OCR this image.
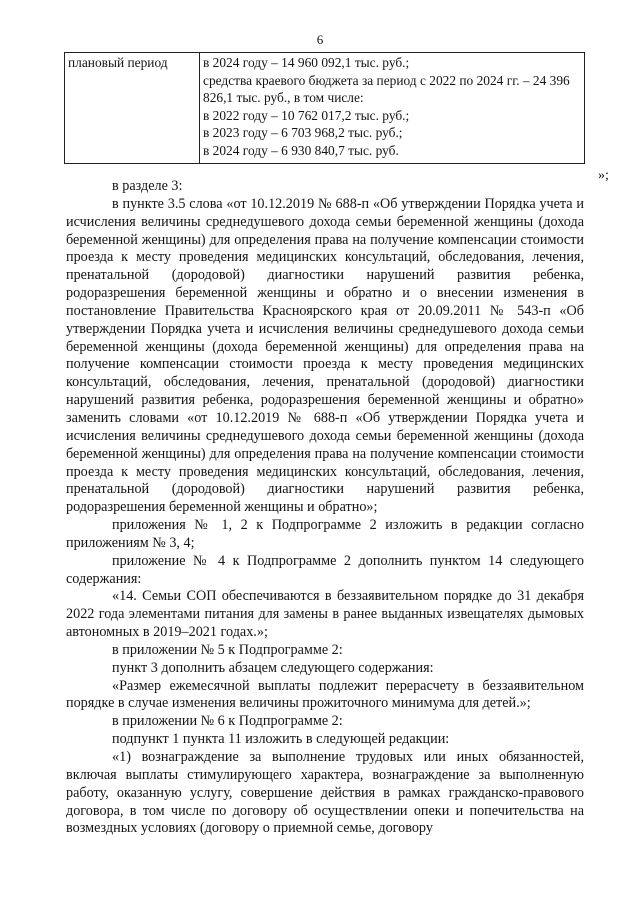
6
плановый период	в 2024 году – 14 960 092,1 тыс. руб.;
средства краевого бюджета за период с 2022 по 2024 гг. – 24 396 826,1 тыс. руб., в том числе:
в 2022 году – 10 762 017,2 тыс. руб.;
в 2023 году – 6 703 968,2 тыс. руб.;
в 2024 году – 6 930 840,7 тыс. руб.
»;

в разделе 3:

в пункте 3.5 слова «от 10.12.2019 № 688-п «Об утверждении Порядка учета и исчисления величины среднедушевого дохода семьи беременной женщины (дохода беременной женщины) для определения права на получение компенсации стоимости проезда к месту проведения медицинских консультаций, обследования, лечения, пренатальной (дородовой) диагностики нарушений развития ребенка, родоразрешения беременной женщины и обратно и о внесении изменения в постановление Правительства Красноярского края от 20.09.2011 № 543-п «Об утверждении Порядка учета и исчисления величины среднедушевого дохода семьи беременной женщины (дохода беременной женщины) для определения права на получение компенсации стоимости проезда к месту проведения медицинских консультаций, обследования, лечения, пренатальной (дородовой) диагностики нарушений развития ребенка, родоразрешения беременной женщины и обратно» заменить словами «от 10.12.2019 № 688-п «Об утверждении Порядка учета и исчисления величины среднедушевого дохода семьи беременной женщины (дохода беременной женщины) для определения права на получение компенсации стоимости проезда к месту проведения медицинских консультаций, обследования, лечения, пренатальной (дородовой) диагностики нарушений развития ребенка, родоразрешения беременной женщины и обратно»;

приложения № 1, 2 к Подпрограмме 2 изложить в редакции согласно приложениям № 3, 4;

приложение № 4 к Подпрограмме 2 дополнить пунктом 14 следующего содержания:

«14. Семьи СОП обеспечиваются в беззаявительном порядке до 31 декабря 2022 года элементами питания для замены в ранее выданных извещателях дымовых автономных в 2019–2021 годах.»;

в приложении № 5 к Подпрограмме 2:

пункт 3 дополнить абзацем следующего содержания:

«Размер ежемесячной выплаты подлежит перерасчету в беззаявительном порядке в случае изменения величины прожиточного минимума для детей.»;

в приложении № 6 к Подпрограмме 2:

подпункт 1 пункта 11 изложить в следующей редакции:

«1) вознаграждение за выполнение трудовых или иных обязанностей, включая выплаты стимулирующего характера, вознаграждение за выполненную работу, оказанную услугу, совершение действия в рамках гражданско-правового договора, в том числе по договору об осуществлении опеки и попечительства на возмездных условиях (договору о приемной семье, договору
